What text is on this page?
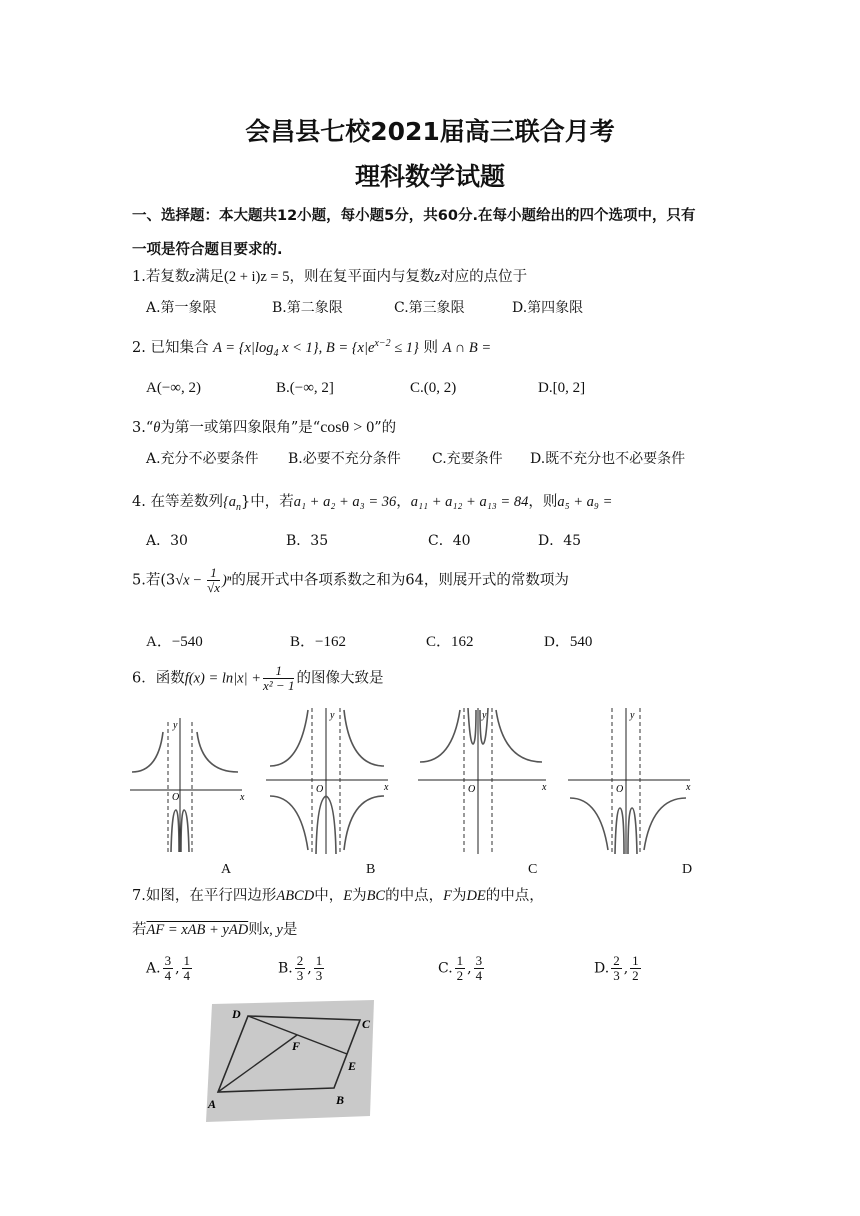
会昌县七校2021届高三联合月考
理科数学试题
一、选择题：本大题共12小题，每小题5分，共60分.在每小题给出的四个选项中，只有
一项是符合题目要求的.
1.若复数z满足(2 + i)z = 5，则在复平面内与复数z对应的点位于
A.第一象限	B.第二象限	C.第三象限	D.第四象限
2. 已知集合 $A = \{x|\log_4$ x < 1}, $B = \{x|e^{x-2} \le 1\}$ 则 A ∩ B =
A(−∞, 2)	B.(−∞, 2]	C.(0, 2)	D.[0, 2]
3.“θ为第一或第四象限角”是“cosθ > 0”的
A.充分不必要条件 B.必要不充分条件 C.充要条件 D.既不充分也不必要条件
4. 在等差数列$\{a_n\}$中，若a₁ + a₂ + a₃ = 36，a₁₁ + a₁₂ + a₁₃ = 84，则a₅ + a₉ =
A．30	B．35	C．40	D．45
5.若$(3√x - \frac{1}{√x} )^n$的展开式中各项系数之和为64，则展开式的常数项为
A．−540	B．−162	C．162	D．540
6．函数$f(x) = \ln|x| + \frac{1}{\text{x² − 1}}$ 的图像大致是
x
y
O
x
y
O	x
y
O	x
y
O
A	B	C	D
7.如图，在平行四边形ABCD中，E为BC的中点，F为DE的中点，
若AF = xAB + yAD则x, y是
A. $\frac{3}{4}$ , $\frac{1}{4}$	B. $\frac{2}{3}$ , $\frac{1}{3}$	C. $\frac{1}{2}$ , $\frac{3}{4}$	D. $\frac{2}{3}$ , $\frac{1}{2}$
D
C
F
E
A	B
